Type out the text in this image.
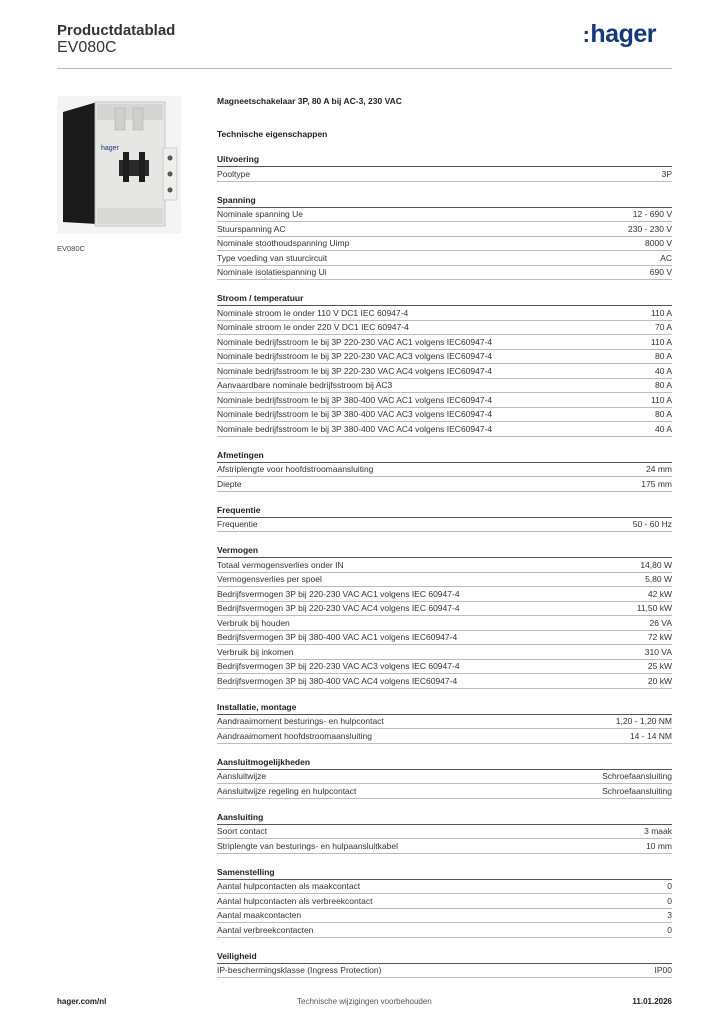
Productdatablad
EV080C
:hager
hager
EV080C
Magneetschakelaar 3P, 80 A bij AC-3, 230 VAC
Technische eigenschappen
Uitvoering
Pooltype	3P
Spanning
Nominale spanning Ue	12 - 690 V
Stuurspanning AC	230 - 230 V
Nominale stoothoudspanning Uimp	8000 V
Type voeding van stuurcircuit	AC
Nominale isolatiespanning Ui	690 V
Stroom / temperatuur
Nominale stroom Ie onder 110 V DC1 IEC 60947-4	110 A
Nominale stroom Ie onder 220 V DC1 IEC 60947-4	70 A
Nominale bedrijfsstroom Ie bij 3P 220-230 VAC AC1 volgens IEC60947-4	110 A
Nominale bedrijfsstroom Ie bij 3P 220-230 VAC AC3 volgens IEC60947-4	80 A
Nominale bedrijfsstroom Ie bij 3P 220-230 VAC AC4 volgens IEC60947-4	40 A
Aanvaardbare nominale bedrijfsstroom bij AC3	80 A
Nominale bedrijfsstroom Ie bij 3P 380-400 VAC AC1 volgens IEC60947-4	110 A
Nominale bedrijfsstroom Ie bij 3P 380-400 VAC AC3 volgens IEC60947-4	80 A
Nominale bedrijfsstroom Ie bij 3P 380-400 VAC AC4 volgens IEC60947-4	40 A
Afmetingen
Afstriplengte voor hoofdstroomaansluiting	24 mm
Diepte	175 mm
Frequentie
Frequentie	50 - 60 Hz
Vermogen
Totaal vermogensverlies onder IN	14,80 W
Vermogensverlies per spoel	5,80 W
Bedrijfsvermogen 3P bij 220-230 VAC AC1 volgens IEC 60947-4	42 kW
Bedrijfsvermogen 3P bij 220-230 VAC AC4 volgens IEC 60947-4	11,50 kW
Verbruik bij houden	26 VA
Bedrijfsvermogen 3P bij 380-400 VAC AC1 volgens IEC60947-4	72 kW
Verbruik bij inkomen	310 VA
Bedrijfsvermogen 3P bij 220-230 VAC AC3 volgens IEC 60947-4	25 kW
Bedrijfsvermogen 3P bij 380-400 VAC AC4 volgens IEC60947-4	20 kW
Installatie, montage
Aandraaimoment besturings- en hulpcontact	1,20 - 1,20 NM
Aandraaimoment hoofdstroomaansluiting	14 - 14 NM
Aansluitmogelijkheden
Aansluitwijze	Schroefaansluiting
Aansluitwijze regeling en hulpcontact	Schroefaansluiting
Aansluiting
Soort contact	3 maak
Striplengte van besturings- en hulpaansluitkabel	10 mm
Samenstelling
Aantal hulpcontacten als maakcontact	0
Aantal hulpcontacten als verbreekcontact	0
Aantal maakcontacten	3
Aantal verbreekcontacten	0
Veiligheid
IP-beschermingsklasse (Ingress Protection)	IP00
hager.com/nl	Technische wijzigingen voorbehouden	11.01.2026
